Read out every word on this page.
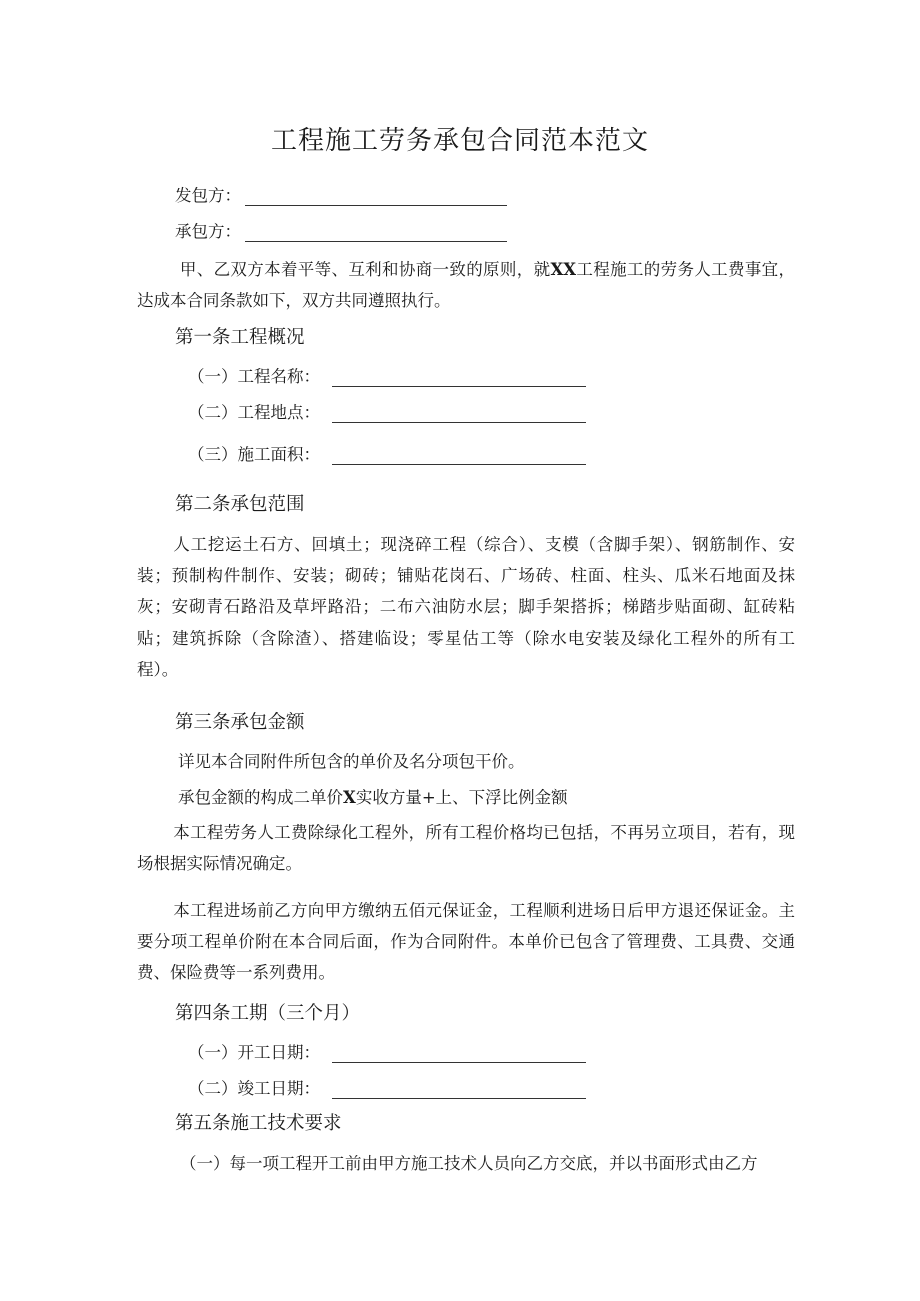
工程施工劳务承包合同范本范文
发包方：
承包方：
甲、乙双方本着平等、互利和协商一致的原则，就XX工程施工的劳务人工费事宜，达成本合同条款如下，双方共同遵照执行。
第一条工程概况
（一）工程名称：
（二）工程地点：
（三）施工面积：
第二条承包范围
人工挖运土石方、回填土；现浇碎工程（综合）、支模（含脚手架）、钢筋制作、安装；预制构件制作、安装；砌砖；铺贴花岗石、广场砖、柱面、柱头、瓜米石地面及抹灰；安砌青石路沿及草坪路沿；二布六油防水层；脚手架搭拆；梯踏步贴面砌、缸砖粘贴；建筑拆除（含除渣）、搭建临设；零星估工等（除水电安装及绿化工程外的所有工程）。
第三条承包金额
详见本合同附件所包含的单价及名分项包干价。
承包金额的构成二单价X实收方量+上、下浮比例金额
本工程劳务人工费除绿化工程外，所有工程价格均已包括，不再另立项目，若有，现场根据实际情况确定。
本工程进场前乙方向甲方缴纳五佰元保证金，工程顺利进场日后甲方退还保证金。主要分项工程单价附在本合同后面，作为合同附件。本单价已包含了管理费、工具费、交通费、保险费等一系列费用。
第四条工期（三个月）
（一）开工日期：
（二）竣工日期：
第五条施工技术要求
（一）每一项工程开工前由甲方施工技术人员向乙方交底，并以书面形式由乙方
